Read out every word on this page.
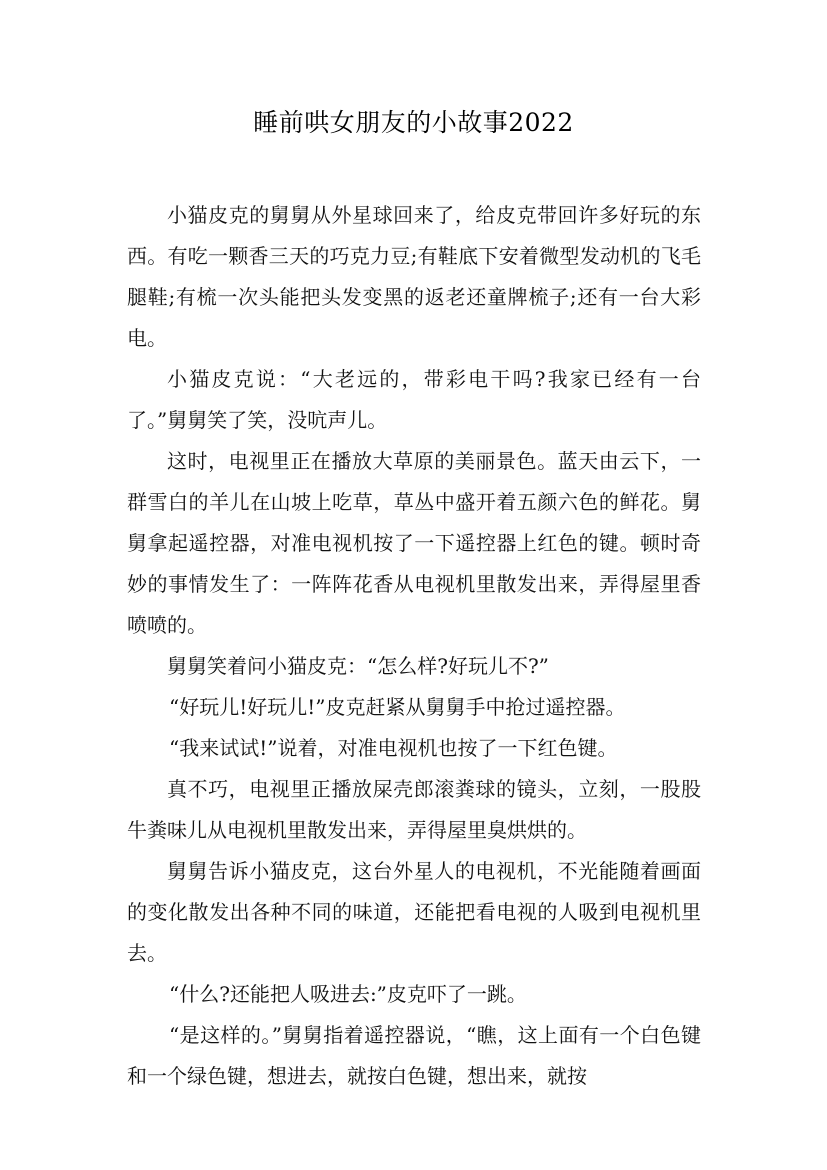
睡前哄女朋友的小故事2022

小猫皮克的舅舅从外星球回来了，给皮克带回许多好玩的东西。有吃一颗香三天的巧克力豆;有鞋底下安着微型发动机的飞毛腿鞋;有梳一次头能把头发变黑的返老还童牌梳子;还有一台大彩电。

小猫皮克说：“大老远的，带彩电干吗?我家已经有一台了。”舅舅笑了笑，没吭声儿。

这时，电视里正在播放大草原的美丽景色。蓝天由云下，一群雪白的羊儿在山坡上吃草，草丛中盛开着五颜六色的鲜花。舅舅拿起遥控器，对准电视机按了一下遥控器上红色的键。顿时奇妙的事情发生了：一阵阵花香从电视机里散发出来，弄得屋里香喷喷的。

舅舅笑着问小猫皮克：“怎么样?好玩儿不?”

“好玩儿!好玩儿!”皮克赶紧从舅舅手中抢过遥控器。

“我来试试!”说着，对准电视机也按了一下红色键。

真不巧，电视里正播放屎壳郎滚粪球的镜头，立刻，一股股牛粪味儿从电视机里散发出来，弄得屋里臭烘烘的。

舅舅告诉小猫皮克，这台外星人的电视机，不光能随着画面的变化散发出各种不同的味道，还能把看电视的人吸到电视机里去。

“什么?还能把人吸进去:”皮克吓了一跳。

“是这样的。”舅舅指着遥控器说，“瞧，这上面有一个白色键和一个绿色键，想进去，就按白色键，想出来，就按
